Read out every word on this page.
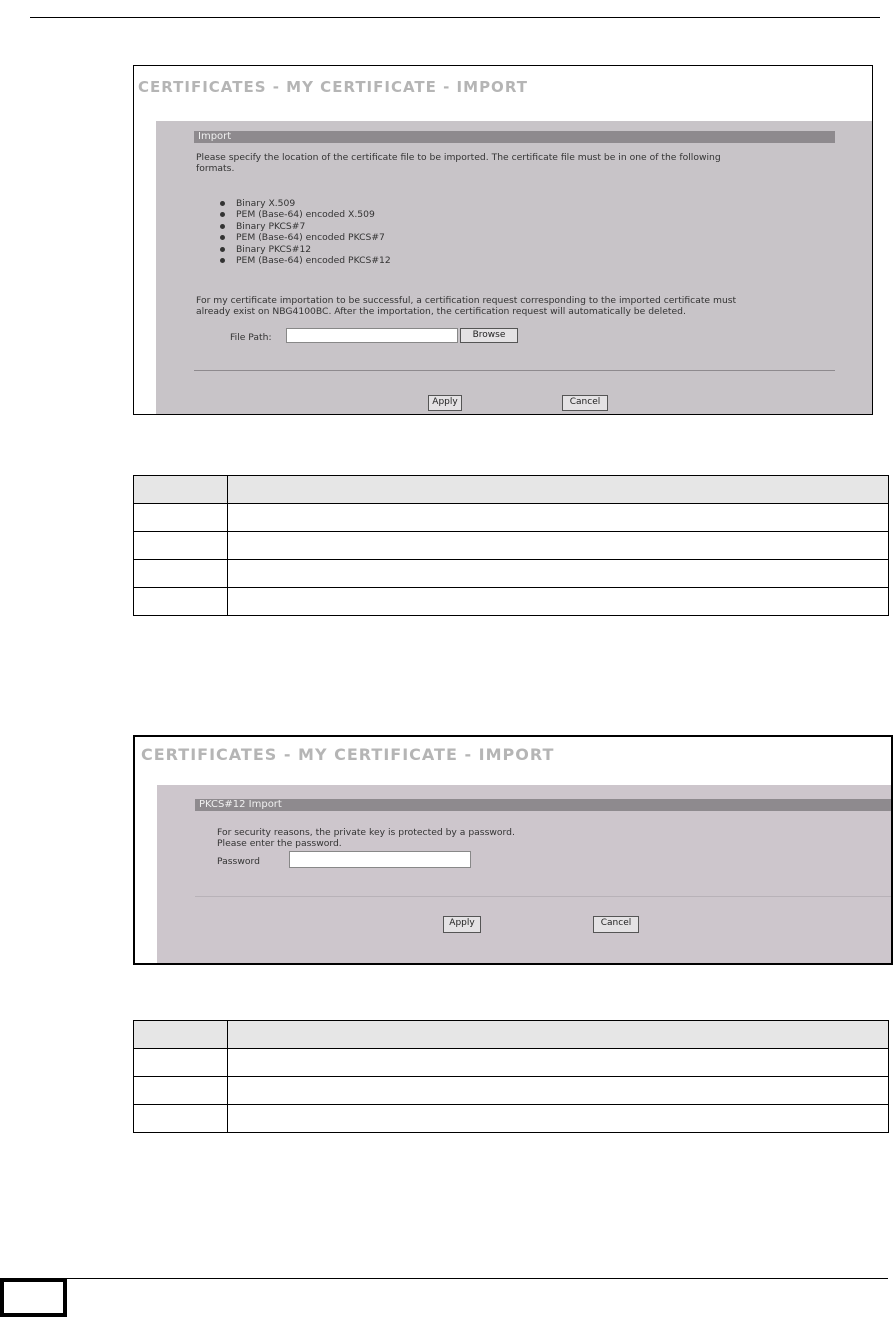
CERTIFICATES - MY CERTIFICATE - IMPORT
Import
Please specify the location of the certificate file to be imported. The certificate file must be in one of the following
formats.
Binary X.509
PEM (Base-64) encoded X.509
Binary PKCS#7
PEM (Base-64) encoded PKCS#7
Binary PKCS#12
PEM (Base-64) encoded PKCS#12
For my certificate importation to be successful, a certification request corresponding to the imported certificate must
already exist on NBG4100BC. After the importation, the certification request will automatically be deleted.
File Path:	Browse
Apply	Cancel

CERTIFICATES - MY CERTIFICATE - IMPORT
PKCS#12 Import
For security reasons, the private key is protected by a password.
Please enter the password.
Password
Apply	Cancel
